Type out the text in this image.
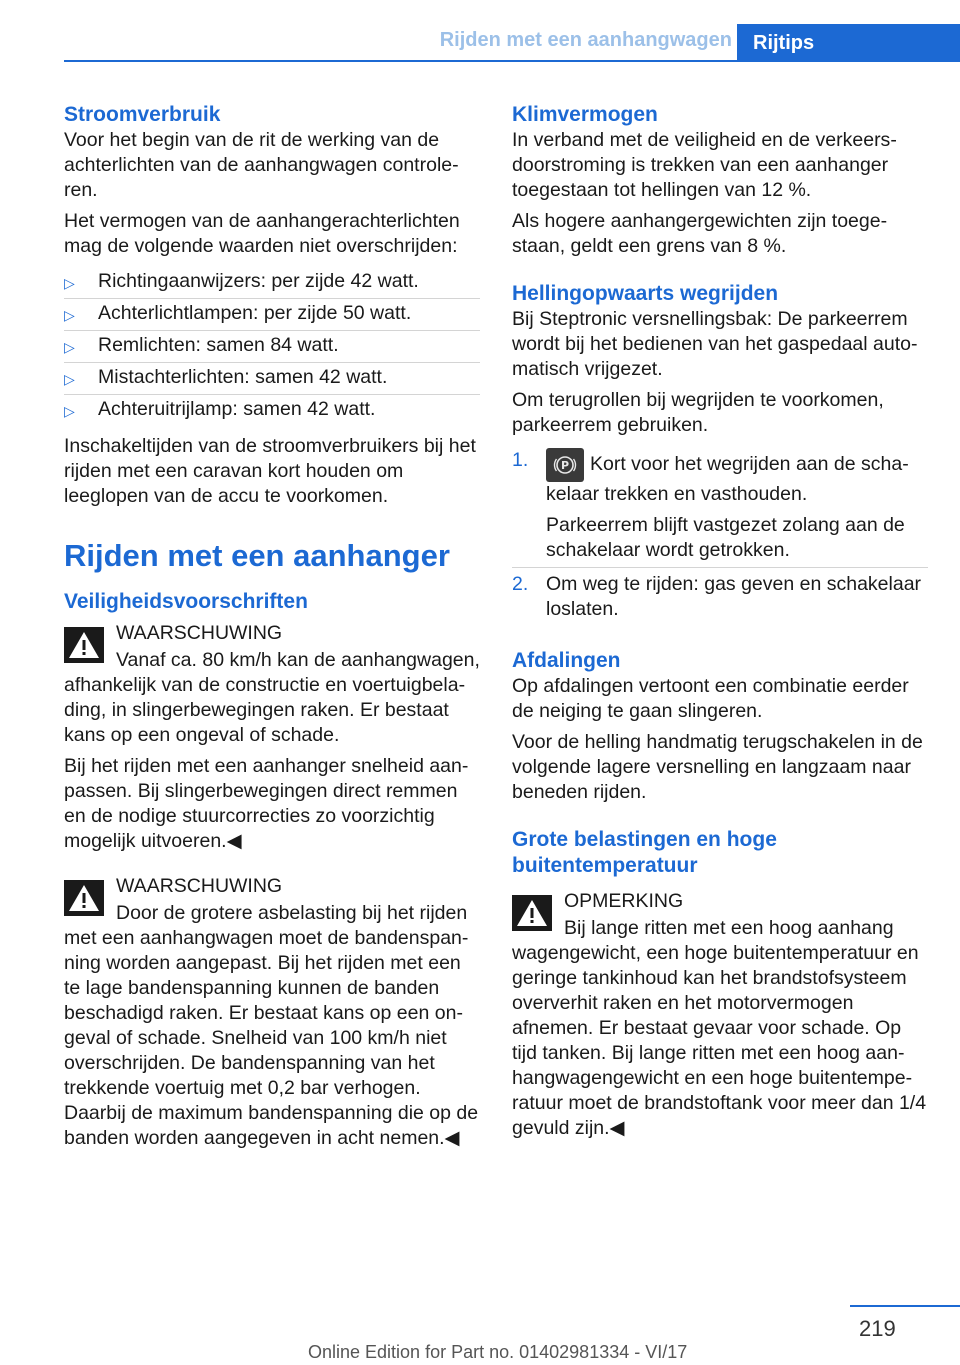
Rijden met een aanhangwagen	Rijtips
Stroomverbruik

Voor het begin van de rit de werking van de achterlichten van de aanhangwagen controleren.

Het vermogen van de aanhangerachterlichten mag de volgende waarden niet overschrijden:

▷ Richtingaanwijzers: per zijde 42 watt.
▷ Achterlichtlampen: per zijde 50 watt.
▷ Remlichten: samen 84 watt.
▷ Mistachterlichten: samen 42 watt.
▷ Achteruitrijlamp: samen 42 watt.

Inschakeltijden van de stroomverbruikers bij het rijden met een caravan kort houden om leeglopen van de accu te voorkomen.

Rijden met een aanhanger
Veiligheidsvoorschriften

WAARSCHUWING

Vanaf ca. 80 km/h kan de aanhangwagen,

afhankelijk van de constructie en voertuigbelading, in slingerbewegingen raken. Er bestaat kans op een ongeval of schade.

Bij het rijden met een aanhanger snelheid aanpassen. Bij slingerbewegingen direct remmen en de nodige stuurcorrecties zo voorzichtig mogelijk uitvoeren.◀

WAARSCHUWING

Door de grotere asbelasting bij het rijden

met een aanhangwagen moet de bandenspanning worden aangepast. Bij het rijden met een te lage bandenspanning kunnen de banden beschadigd raken. Er bestaat kans op een ongeval of schade. Snelheid van 100 km/h niet overschrijden. De bandenspanning van het trekkende voertuig met 0,2 bar verhogen. Daarbij de maximum bandenspanning die op de banden worden aangegeven in acht nemen.◀

Klimvermogen

In verband met de veiligheid en de verkeersdoorstroming is trekken van een aanhanger toegestaan tot hellingen van 12 %.

Als hogere aanhangergewichten zijn toegestaan, geldt een grens van 8 %.

Hellingopwaarts wegrijden

Bij Steptronic versnellingsbak: De parkeerrem wordt bij het bedienen van het gaspedaal automatisch vrijgezet.

Om terugrollen bij wegrijden te voorkomen, parkeerrem gebruiken.

1.	P Kort voor het wegrijden aan de schakelaar trekken en vasthouden.

Parkeerrem blijft vastgezet zolang aan de schakelaar wordt getrokken.

2. Om weg te rijden: gas geven en schakelaar loslaten.
Afdalingen

Op afdalingen vertoont een combinatie eerder de neiging te gaan slingeren.

Voor de helling handmatig terugschakelen in de volgende lagere versnelling en langzaam naar beneden rijden.

Grote belastingen en hoge buitentemperatuur

OPMERKING

Bij lange ritten met een hoog aanhang

wagengewicht, een hoge buitentemperatuur en geringe tankinhoud kan het brandstofsysteem oververhit raken en het motorvermogen afnemen. Er bestaat gevaar voor schade. Op tijd tanken. Bij lange ritten met een hoog aanhangwagengewicht en een hoge buitentemperatuur moet de brandstoftank voor meer dan 1/4 gevuld zijn.◀

219
Online Edition for Part no. 01402981334 - VI/17
